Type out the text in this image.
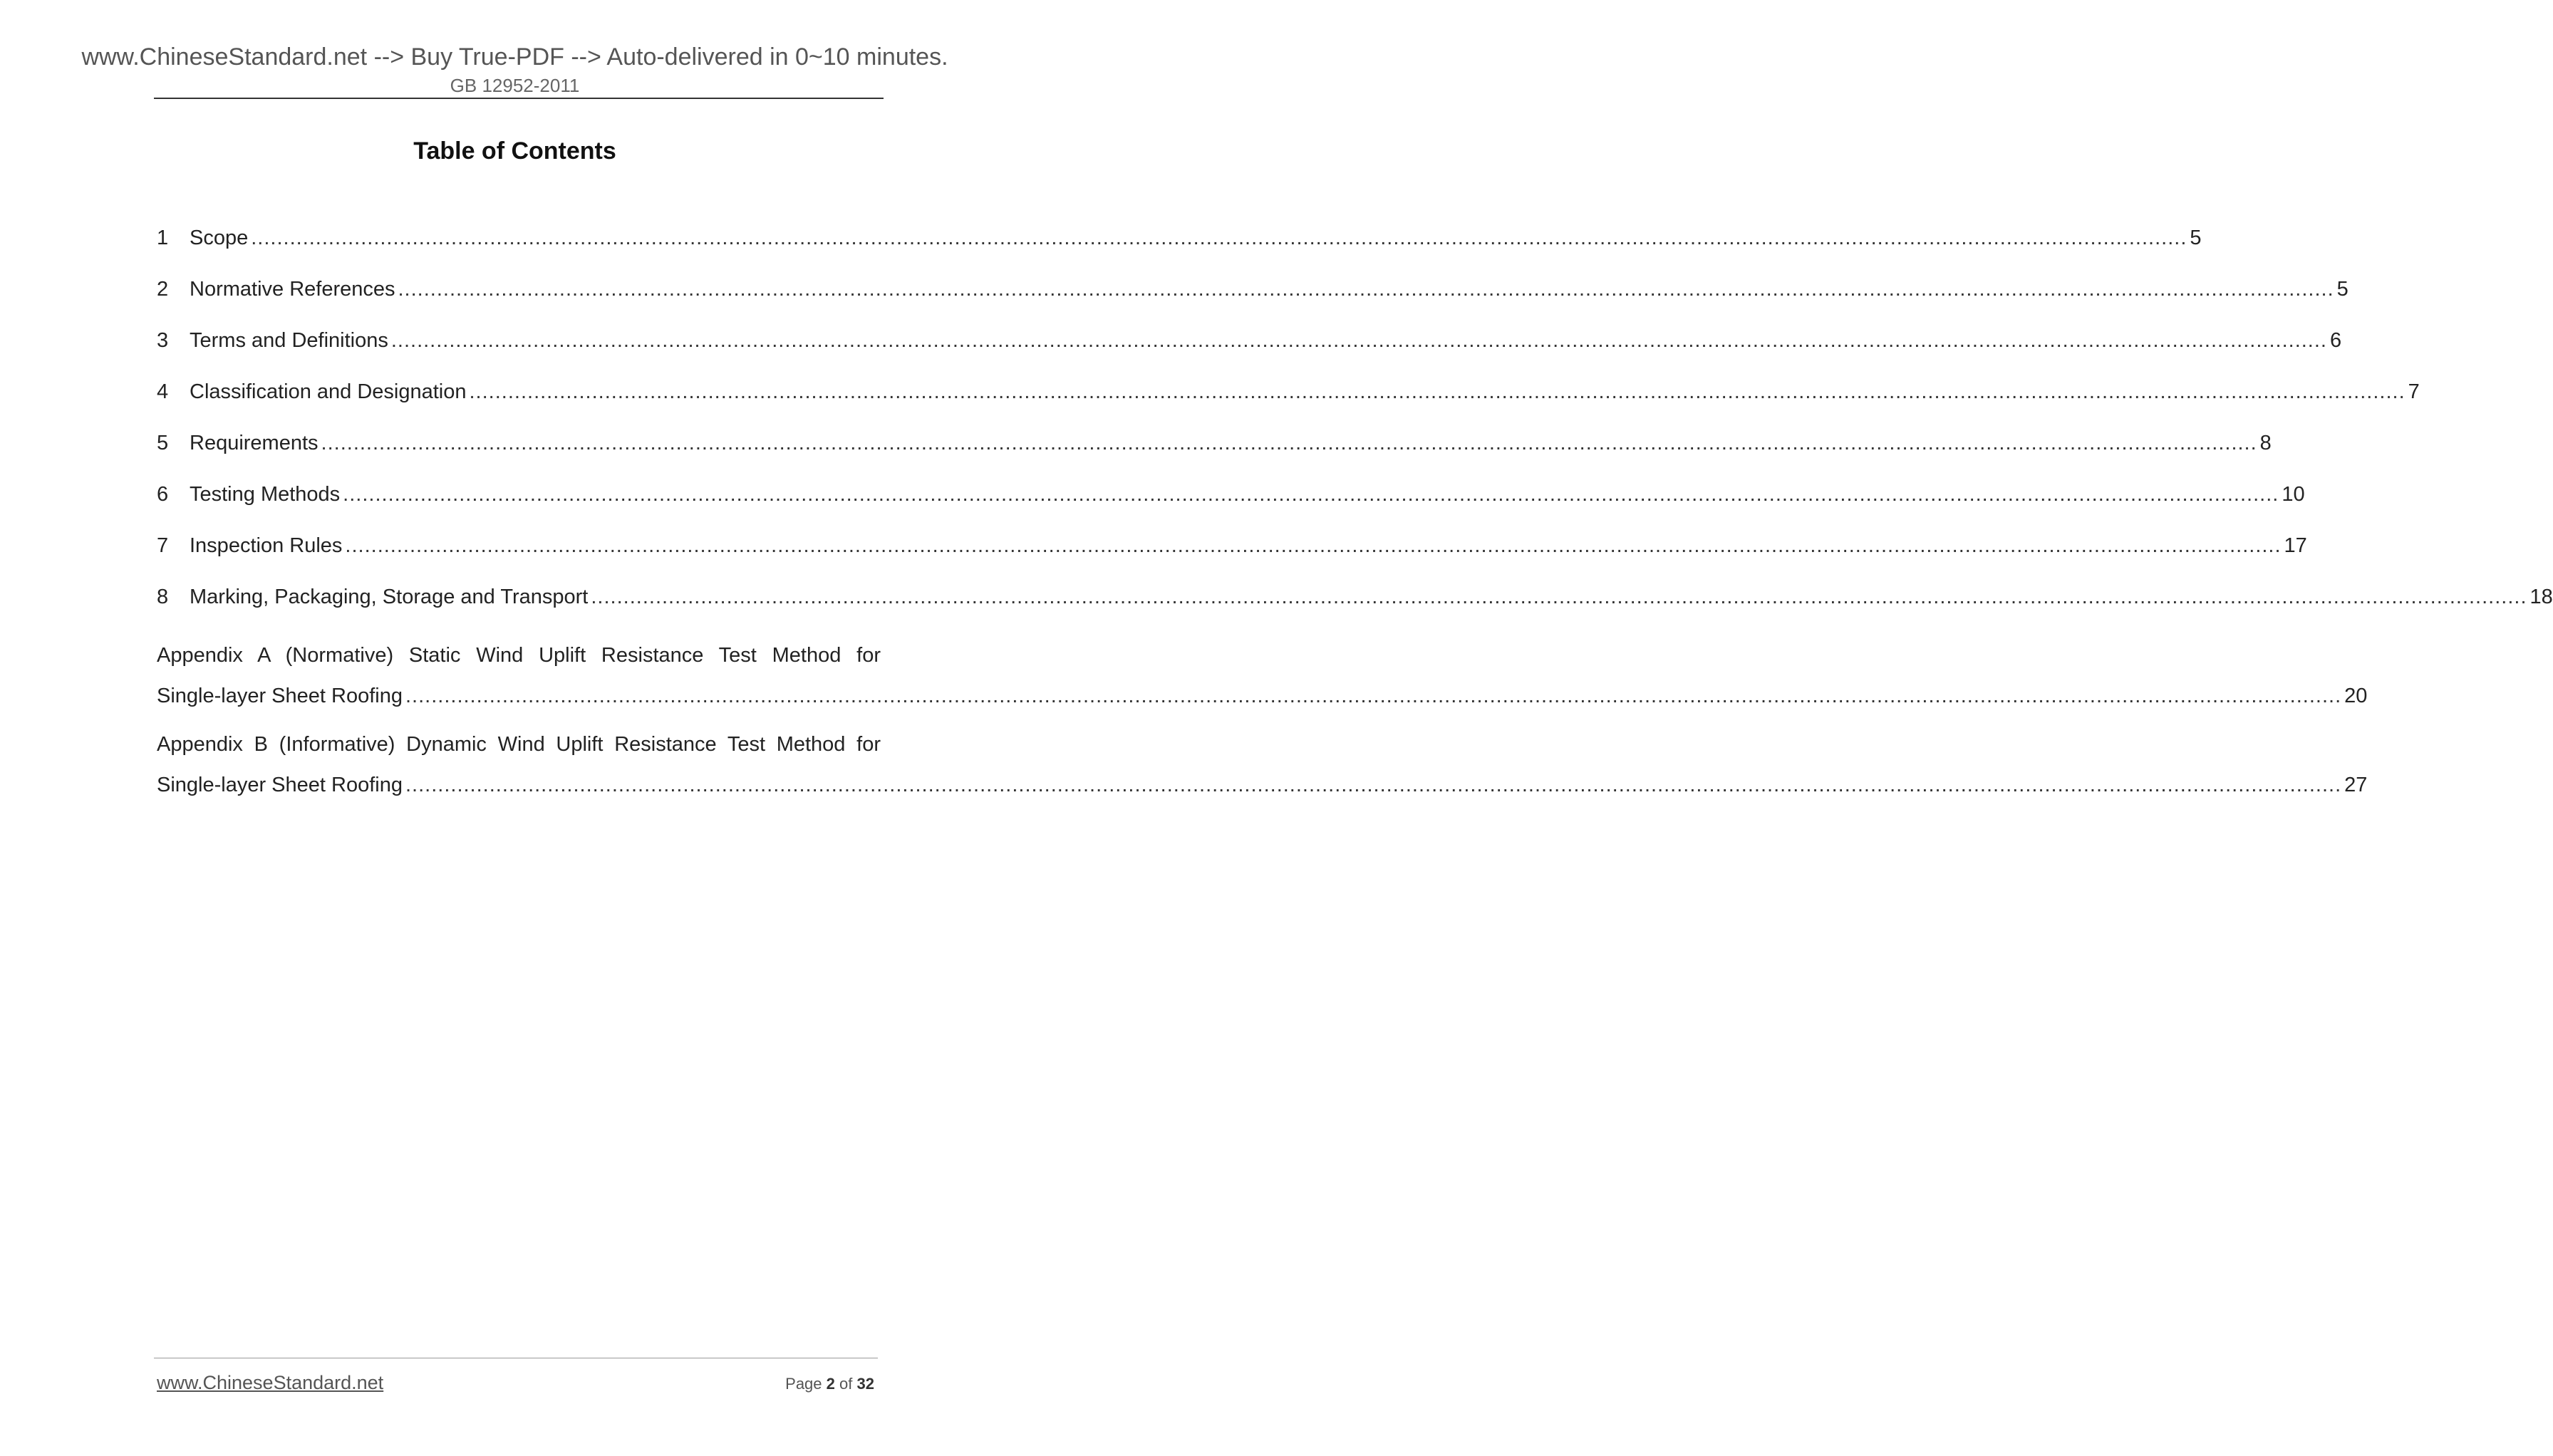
www.ChineseStandard.net --> Buy True-PDF --> Auto-delivered in 0~10 minutes.
GB 12952-2011
Table of Contents
1	Scope ............................................................................................................................................................................................................................................................................................................ 5
2	Normative References ............................................................................................................................................................................................................................................................................................................ 5
3	Terms and Definitions ............................................................................................................................................................................................................................................................................................................ 6
4	Classification and Designation ............................................................................................................................................................................................................................................................................................................ 7
5	Requirements ............................................................................................................................................................................................................................................................................................................ 8
6	Testing Methods ............................................................................................................................................................................................................................................................................................................ 10
7	Inspection Rules ............................................................................................................................................................................................................................................................................................................ 17
8	Marking, Packaging, Storage and Transport ............................................................................................................................................................................................................................................................................................................ 18
Appendix A (Normative) Static Wind Uplift Resistance Test Method for
Single-layer Sheet Roofing ............................................................................................................................................................................................................................................................................................................ 20
Appendix B (Informative) Dynamic Wind Uplift Resistance Test Method for
Single-layer Sheet Roofing ............................................................................................................................................................................................................................................................................................................ 27
www.ChineseStandard.net	Page 2 of 32
